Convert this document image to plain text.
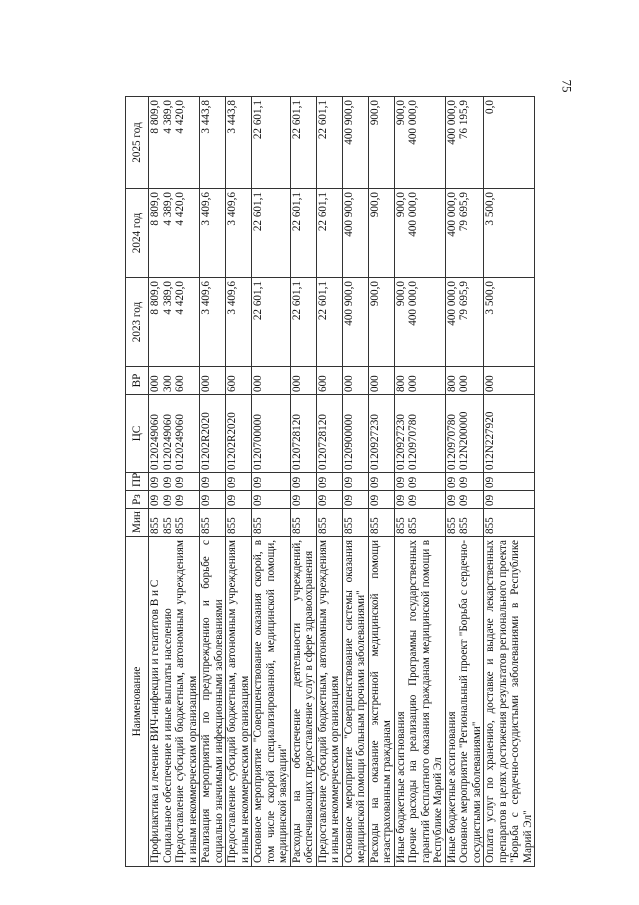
75
Наименование	Мин	Рз	ПР	ЦС	ВР	2023 год	2024 год	2025 год

Профилактика и лечение ВИЧ-инфекции и гепатитов В и С Социальное обеспечение и иные выплаты населению Предоставление субсидий бюджетным, автономным учреждениям и иным некоммерческим организациям	855 855 855	09 09 09	09 09 09	0120249060 0120249060 0120249060	000 300 600	8 809,0 4 389,0 4 420,0	8 809,0 4 389,0 4 420,0	8 809,0 4 389,0 4 420,0

Реализация мероприятий по предупреждению и борьбе с социально значимыми инфекционными заболеваниями	855	09	09	01202R2020	000	3 409,6	3 409,6	3 443,8

Предоставление субсидий бюджетным, автономным учреждениям и иным некоммерческим организациям	855	09	09	01202R2020	600	3 409,6	3 409,6	3 443,8

Основное мероприятие "Совершенствование оказания скорой, в том числе скорой специализированной, медицинской помощи, медицинской эвакуации"	855	09	09	0120700000	000	22 601,1	22 601,1	22 601,1

Расходы на обеспечение деятельности учреждений, обеспечивающих предоставление услуг в сфере здравоохранения	855	09	09	0120728120	000	22 601,1	22 601,1	22 601,1

Предоставление субсидий бюджетным, автономным учреждениям и иным некоммерческим организациям	855	09	09	0120728120	600	22 601,1	22 601,1	22 601,1

Основное мероприятие "Совершенствование системы оказания медицинской помощи больным прочими заболеваниями"	855	09	09	0120900000	000	400 900,0	400 900,0	400 900,0

Расходы на оказание экстренной медицинской помощи незастрахованным гражданам	855	09	09	0120927230	000	900,0	900,0	900,0

Иные бюджетные ассигнования Прочие расходы на реализацию Программы государственных гарантий бесплатного оказания гражданам медицинской помощи в Республике Марий Эл	855 855	09 09	09 09	0120927230 0120970780	800 000	900,0 400 000,0	900,0 400 000,0	900,0 400 000,0

Иные бюджетные ассигнования Основное мероприятие "Региональный проект "Борьба с сердечно-сосудистыми заболеваниями"	855 855	09 09	09 09	0120970780 012N200000	800 000	400 000,0 79 695,9	400 000,0 79 695,9	400 000,0 76 195,9

Оплата услуг по хранению, доставке и выдаче лекарственных препаратов в целях достижения результатов регионального проекта "Борьба с сердечно-сосудистыми заболеваниями в Республике Марий Эл"	855	09	09	012N227920	000	3 500,0	3 500,0	0,0
